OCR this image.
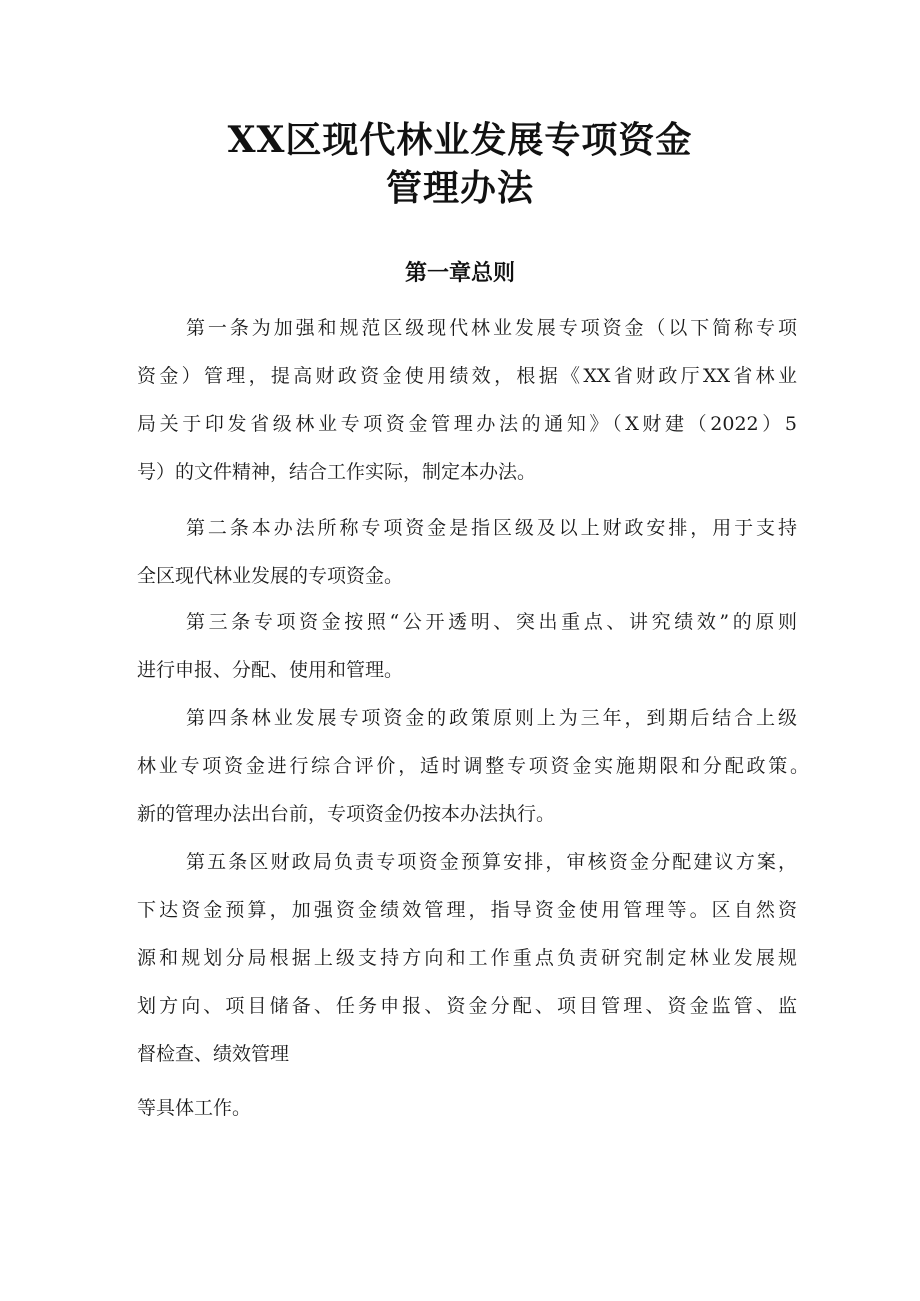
XX区现代林业发展专项资金
管理办法
第一章总则

第一条为加强和规范区级现代林业发展专项资金（以下简称专项

资金）管理，提高财政资金使用绩效，根据《XX省财政厅XX省林业

局关于印发省级林业专项资金管理办法的通知》（X财建（2022）5

号）的文件精神，结合工作实际，制定本办法。

第二条本办法所称专项资金是指区级及以上财政安排，用于支持

全区现代林业发展的专项资金。

第三条专项资金按照“公开透明、突出重点、讲究绩效”的原则

进行申报、分配、使用和管理。

第四条林业发展专项资金的政策原则上为三年，到期后结合上级

林业专项资金进行综合评价，适时调整专项资金实施期限和分配政策。

新的管理办法出台前，专项资金仍按本办法执行。

第五条区财政局负责专项资金预算安排，审核资金分配建议方案，

下达资金预算，加强资金绩效管理，指导资金使用管理等。区自然资

源和规划分局根据上级支持方向和工作重点负责研究制定林业发展规

划方向、项目储备、任务申报、资金分配、项目管理、资金监管、监

督检查、绩效管理

等具体工作。
